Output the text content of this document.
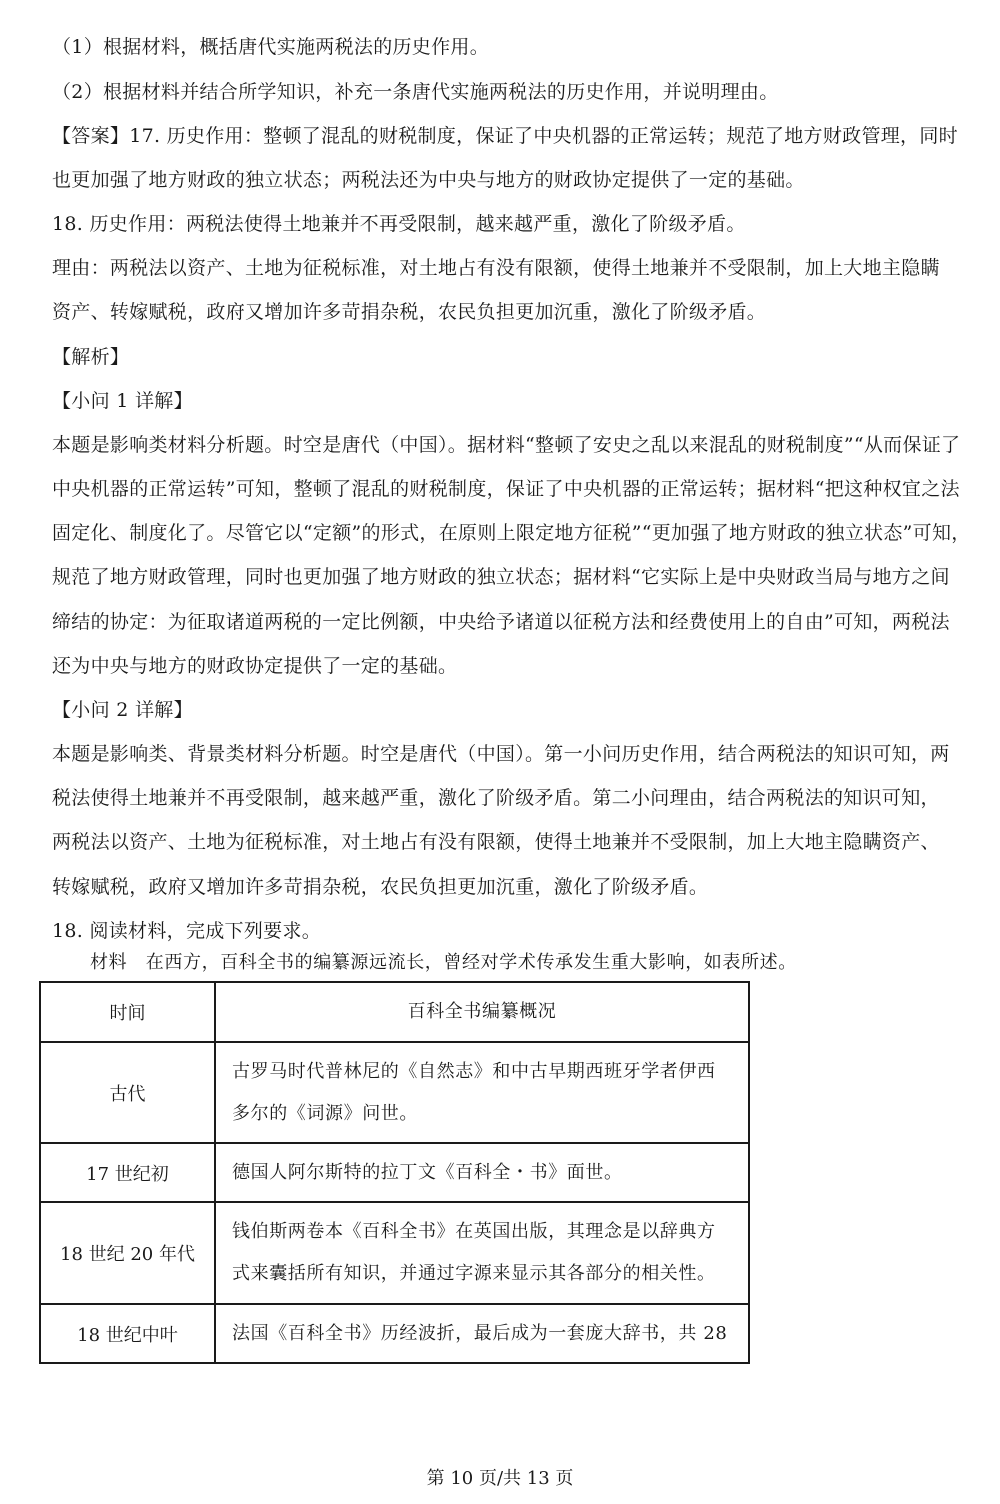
（1）根据材料，概括唐代实施两税法的历史作用。
（2）根据材料并结合所学知识，补充一条唐代实施两税法的历史作用，并说明理由。
【答案】17. 历史作用：整顿了混乱的财税制度，保证了中央机器的正常运转；规范了地方财政管理，同时
也更加强了地方财政的独立状态；两税法还为中央与地方的财政协定提供了一定的基础。
18. 历史作用：两税法使得土地兼并不再受限制，越来越严重，激化了阶级矛盾。
理由：两税法以资产、土地为征税标准，对土地占有没有限额，使得土地兼并不受限制，加上大地主隐瞒
资产、转嫁赋税，政府又增加许多苛捐杂税，农民负担更加沉重，激化了阶级矛盾。
【解析】
【小问 1 详解】
本题是影响类材料分析题。时空是唐代（中国）。据材料“整顿了安史之乱以来混乱的财税制度”“从而保证了
中央机器的正常运转”可知，整顿了混乱的财税制度，保证了中央机器的正常运转；据材料“把这种权宜之法
固定化、制度化了。尽管它以“定额”的形式，在原则上限定地方征税”“更加强了地方财政的独立状态”可知，
规范了地方财政管理，同时也更加强了地方财政的独立状态；据材料“它实际上是中央财政当局与地方之间
缔结的协定：为征取诸道两税的一定比例额，中央给予诸道以征税方法和经费使用上的自由”可知，两税法
还为中央与地方的财政协定提供了一定的基础。
【小问 2 详解】
本题是影响类、背景类材料分析题。时空是唐代（中国）。第一小问历史作用，结合两税法的知识可知，两
税法使得土地兼并不再受限制，越来越严重，激化了阶级矛盾。第二小问理由，结合两税法的知识可知，
两税法以资产、土地为征税标准，对土地占有没有限额，使得土地兼并不受限制，加上大地主隐瞒资产、
转嫁赋税，政府又增加许多苛捐杂税，农民负担更加沉重，激化了阶级矛盾。
18. 阅读材料，完成下列要求。
材料　在西方，百科全书的编纂源远流长，曾经对学术传承发生重大影响，如表所述。
时间	百科全书编纂概况
古代	古罗马时代普林尼的《自然志》和中古早期西班牙学者伊西
多尔的《词源》问世。

17 世纪初	德国人阿尔斯特的拉丁文《百科全・书》面世。

18 世纪 20 年代	钱伯斯两卷本《百科全书》在英国出版，其理念是以辞典方
式来囊括所有知识，并通过字源来显示其各部分的相关性。

18 世纪中叶	法国《百科全书》历经波折，最后成为一套庞大辞书，共 28
第 10 页/共 13 页
